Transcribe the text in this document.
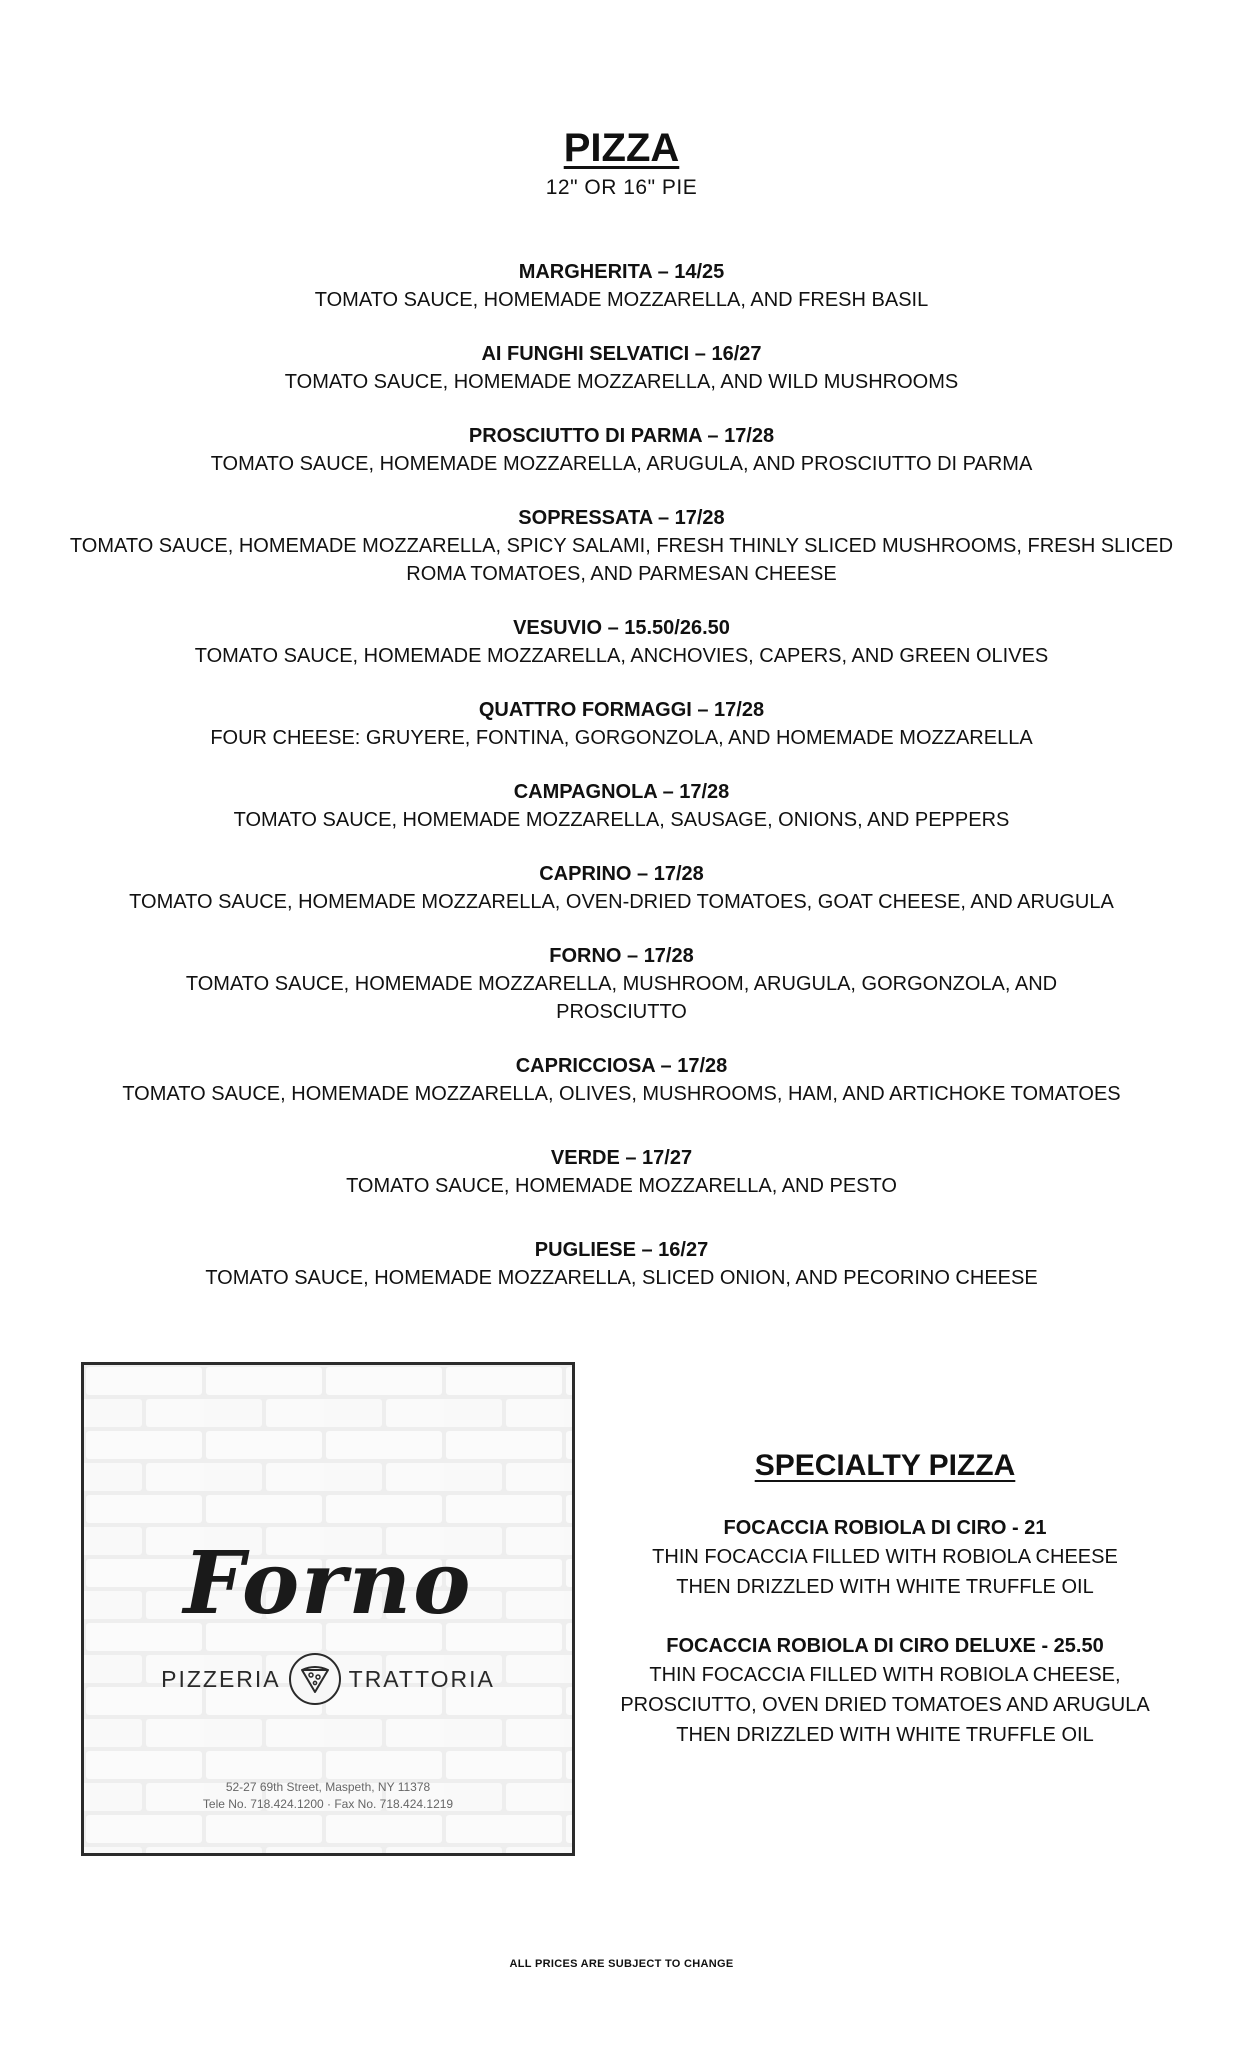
PIZZA
12" OR 16" PIE
MARGHERITA – 14/25
TOMATO SAUCE, HOMEMADE MOZZARELLA, AND FRESH BASIL
AI FUNGHI SELVATICI – 16/27
TOMATO SAUCE, HOMEMADE MOZZARELLA, AND WILD MUSHROOMS
PROSCIUTTO DI PARMA – 17/28
TOMATO SAUCE, HOMEMADE MOZZARELLA, ARUGULA, AND PROSCIUTTO DI PARMA
SOPRESSATA – 17/28
TOMATO SAUCE, HOMEMADE MOZZARELLA, SPICY SALAMI, FRESH THINLY SLICED MUSHROOMS, FRESH SLICED ROMA TOMATOES, AND PARMESAN CHEESE
VESUVIO – 15.50/26.50
TOMATO SAUCE, HOMEMADE MOZZARELLA, ANCHOVIES, CAPERS, AND GREEN OLIVES
QUATTRO FORMAGGI – 17/28
FOUR CHEESE: GRUYERE, FONTINA, GORGONZOLA, AND HOMEMADE MOZZARELLA
CAMPAGNOLA – 17/28
TOMATO SAUCE, HOMEMADE MOZZARELLA, SAUSAGE, ONIONS, AND PEPPERS
CAPRINO – 17/28
TOMATO SAUCE, HOMEMADE MOZZARELLA, OVEN-DRIED TOMATOES, GOAT CHEESE, AND ARUGULA
FORNO – 17/28
TOMATO SAUCE, HOMEMADE MOZZARELLA, MUSHROOM, ARUGULA, GORGONZOLA, AND PROSCIUTTO
CAPRICCIOSA – 17/28
TOMATO SAUCE, HOMEMADE MOZZARELLA, OLIVES, MUSHROOMS, HAM, AND ARTICHOKE TOMATOES
VERDE – 17/27
TOMATO SAUCE, HOMEMADE MOZZARELLA, AND PESTO
PUGLIESE – 16/27
TOMATO SAUCE, HOMEMADE MOZZARELLA, SLICED ONION, AND PECORINO CHEESE
Forno
PIZZERIA	TRATTORIA
52-27 69th Street, Maspeth, NY 11378
Tele No. 718.424.1200 · Fax No. 718.424.1219
SPECIALTY PIZZA
FOCACCIA ROBIOLA DI CIRO - 21
THIN FOCACCIA FILLED WITH ROBIOLA CHEESE THEN DRIZZLED WITH WHITE TRUFFLE OIL
FOCACCIA ROBIOLA DI CIRO DELUXE - 25.50
THIN FOCACCIA FILLED WITH ROBIOLA CHEESE, PROSCIUTTO, OVEN DRIED TOMATOES AND ARUGULA THEN DRIZZLED WITH WHITE TRUFFLE OIL
ALL PRICES ARE SUBJECT TO CHANGE
